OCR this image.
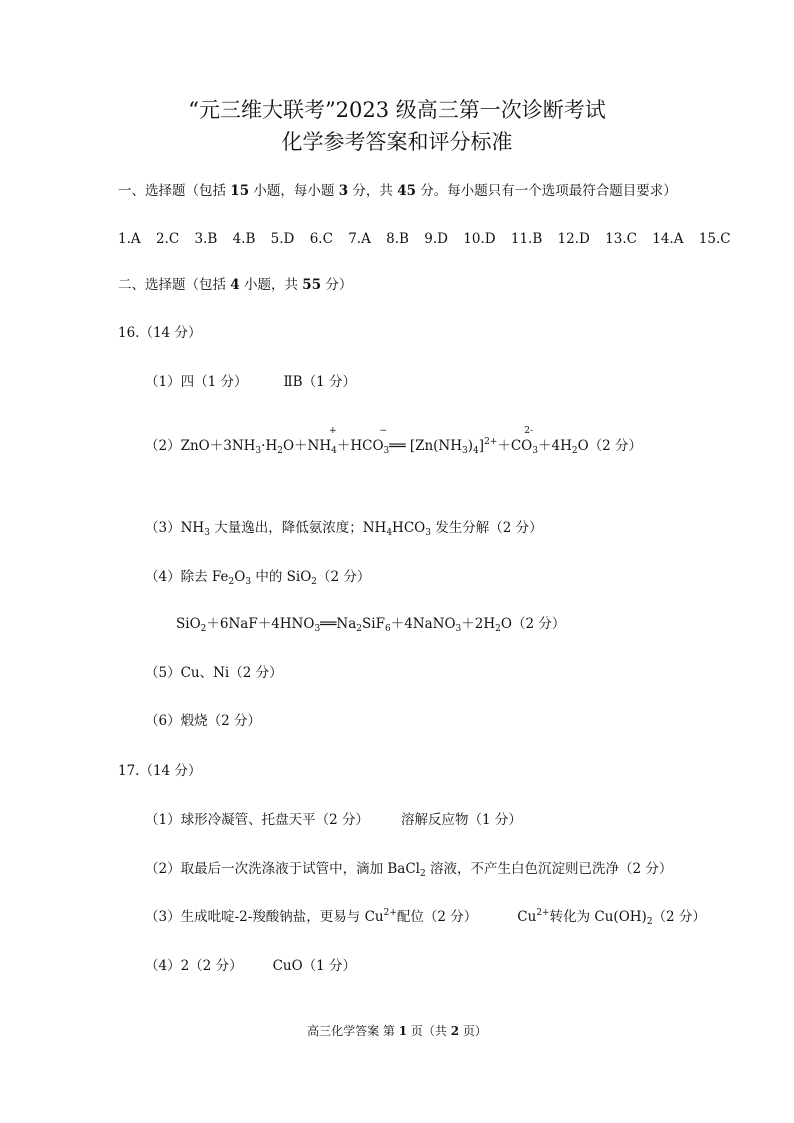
“元三维大联考”2023 级高三第一次诊断考试
化学参考答案和评分标准
一、选择题（包括 15 小题，每小题 3 分，共 45 分。每小题只有一个选项最符合题目要求）
1.A 2.C 3.B 4.B 5.D 6.C 7.A 8.B 9.D 10.D 11.B 12.D 13.C 14.A 15.C
二、选择题（包括 4 小题，共 55 分）
16.（14 分）
（1）四（1 分）	ⅡB（1 分）
$(2)ZnO+3NH_3\cdot H_2O+NH_4$
+
$+HCO_3$
−
══ $[Zn(NH_3)_4]^{2+}+CO_3$
2-
$+4H_2O(2$ 分）
$(3)NH_3$ 大量逸出，降低氨浓度；$NH_4HCO_3$ 发生分解（2 分）
（4）除去 $Fe_2O_3$ 中的 SiO$_2$（2 分）
$SiO_2+6NaF+4HNO_3══Na_2SiF_6+4NaNO_3+2H_2O(2$ 分）
（5）Cu、Ni（2 分）
（6）煅烧（2 分）
17.（14 分）
（1）球形冷凝管、托盘天平（2 分） 溶解反应物（1 分）
（2）取最后一次洗涤液于试管中，滴加 BaCl$_2$ 溶液，不产生白色沉淀则已洗净（2 分）
（3）生成吡啶-2-羧酸钠盐，更易与 $Cu^{2+}$配位（2 分）	$Cu^{2+}$转化为 $Cu(OH)_2(2$ 分）
（4）2（2 分） CuO（1 分）
高三化学答案 第 1 页（共 2 页）
